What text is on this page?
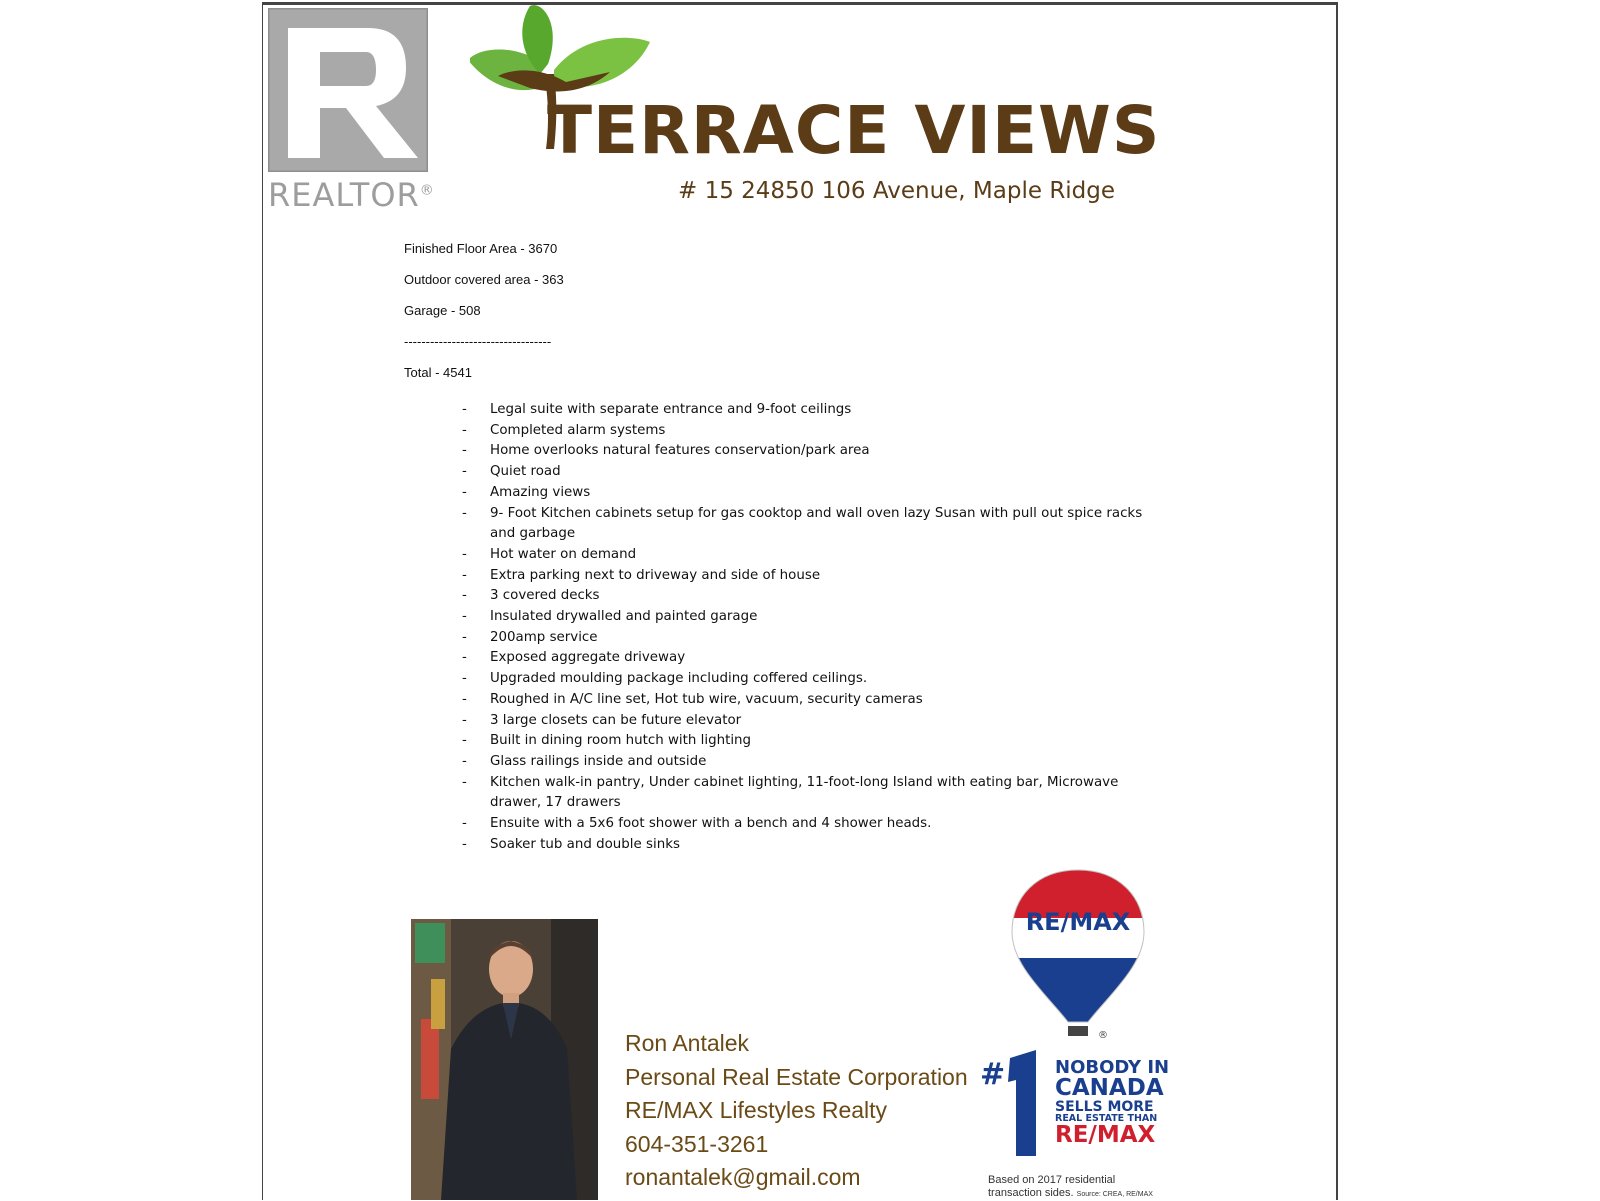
REALTOR®
TERRACE VIEWS
# 15 24850 106 Avenue, Maple Ridge
Finished Floor Area - 3670
Outdoor covered area - 363
Garage - 508
----------------------------------
Total - 4541
- Legal suite with separate entrance and 9-foot ceilings
- Completed alarm systems
- Home overlooks natural features conservation/park area
- Quiet road
- Amazing views
- 9- Foot Kitchen cabinets setup for gas cooktop and wall oven lazy Susan with pull out spice racks and garbage
- Hot water on demand
- Extra parking next to driveway and side of house
- 3 covered decks
- Insulated drywalled and painted garage
- 200amp service
- Exposed aggregate driveway
- Upgraded moulding package including coffered ceilings.
- Roughed in A/C line set, Hot tub wire, vacuum, security cameras
- 3 large closets can be future elevator
- Built in dining room hutch with lighting
- Glass railings inside and outside
- Kitchen walk-in pantry, Under cabinet lighting, 11-foot-long Island with eating bar, Microwave drawer, 17 drawers
- Ensuite with a 5x6 foot shower with a bench and 4 shower heads.
- Soaker tub and double sinks
Ron Antalek
Personal Real Estate Corporation
RE/MAX Lifestyles Realty
604-351-3261
ronantalek@gmail.com
RE/MAX
®
#	NOBODY IN
CANADA
SELLS MORE
REAL ESTATE THAN
RE/MAX
Based on 2017 residential
transaction sides. Source: CREA, RE/MAX
